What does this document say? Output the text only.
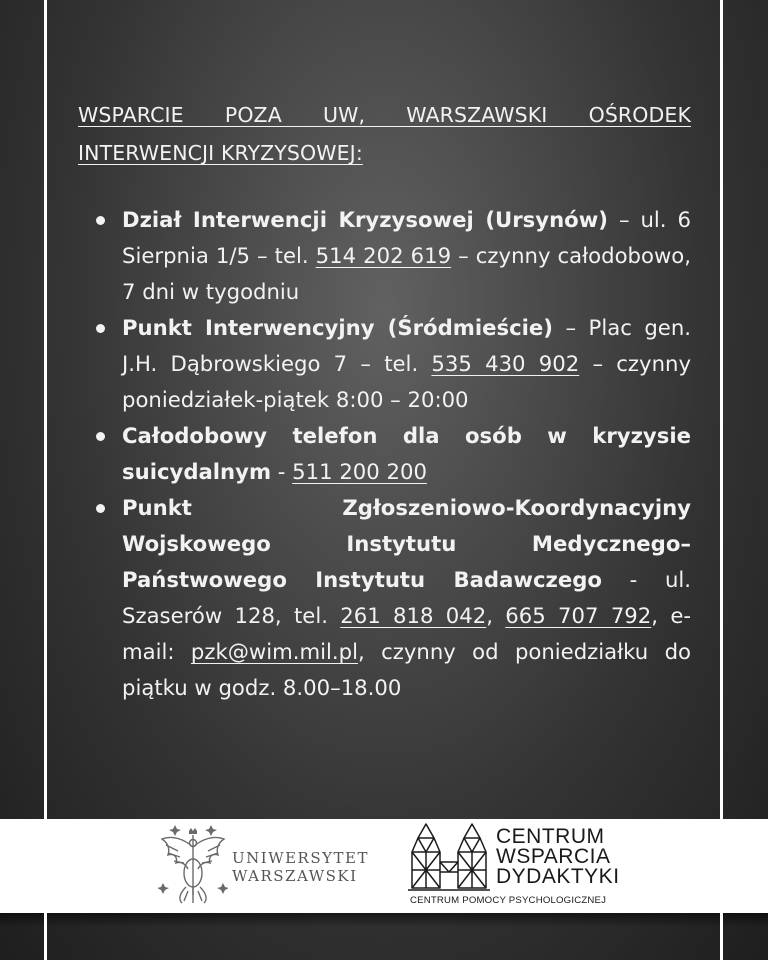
WSPARCIE POZA UW, WARSZAWSKI OŚRODEK INTERWENCJI KRYZYSOWEJ:

Dział Interwencji Kryzysowej (Ursynów) – ul. 6 Sierpnia 1/5 – tel. 514 202 619 – czynny całodobowo, 7 dni w tygodniu
Punkt Interwencyjny (Śródmieście) – Plac gen. J.H. Dąbrowskiego 7 – tel. 535 430 902 – czynny poniedziałek-piątek 8:00 – 20:00
Całodobowy telefon dla osób w kryzysie suicydalnym - 511 200 200
Punkt Zgłoszeniowo-Koordynacyjny Wojskowego Instytutu Medycznego–Państwowego Instytutu Badawczego - ul. Szaserów 128, tel. 261 818 042, 665 707 792, e-mail: pzk@wim.mil.pl, czynny od poniedziałku do piątku w godz. 8.00–18.00
UNIWERSYTET
WARSZAWSKI
CENTRUM
WSPARCIA
DYDAKTYKI
CENTRUM POMOCY PSYCHOLOGICZNEJ
